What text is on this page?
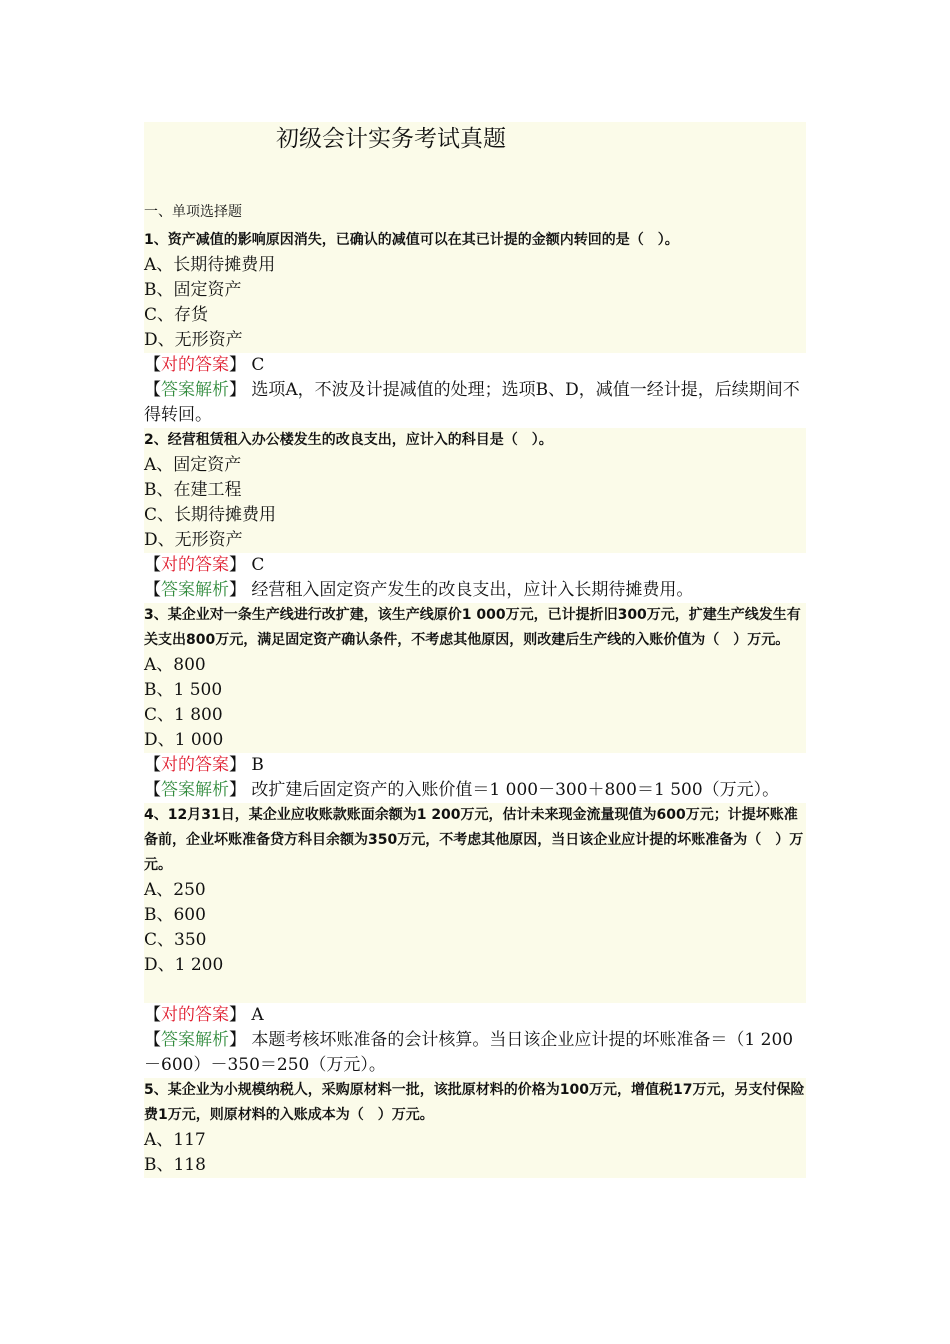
初级会计实务考试真题
一、单项选择题
1、资产减值的影响原因消失，已确认的减值可以在其已计提的金额内转回的是（　）。
A、长期待摊费用
B、固定资产
C、存货
D、无形资产
【对的答案】 C
【答案解析】 选项A，不波及计提减值的处理；选项B、D，减值一经计提，后续期间不得转回。
2、经营租赁租入办公楼发生的改良支出，应计入的科目是（　）。
A、固定资产
B、在建工程
C、长期待摊费用
D、无形资产
【对的答案】 C
【答案解析】 经营租入固定资产发生的改良支出，应计入长期待摊费用。
3、某企业对一条生产线进行改扩建，该生产线原价1 000万元，已计提折旧300万元，扩建生产线发生有关支出800万元，满足固定资产确认条件，不考虑其他原因，则改建后生产线的入账价值为（　）万元。
A、800
B、1 500
C、1 800
D、1 000
【对的答案】 B
【答案解析】 改扩建后固定资产的入账价值＝1 000－300＋800＝1 500（万元）。
4、12月31日，某企业应收账款账面余额为1 200万元，估计未来现金流量现值为600万元；计提坏账准备前，企业坏账准备贷方科目余额为350万元，不考虑其他原因，当日该企业应计提的坏账准备为（　）万元。
A、250
B、600
C、350
D、1 200
【对的答案】 A
【答案解析】 本题考核坏账准备的会计核算。当日该企业应计提的坏账准备＝（1 200－600）－350＝250（万元）。
5、某企业为小规模纳税人，采购原材料一批，该批原材料的价格为100万元，增值税17万元，另支付保险费1万元，则原材料的入账成本为（　）万元。
A、117
B、118
